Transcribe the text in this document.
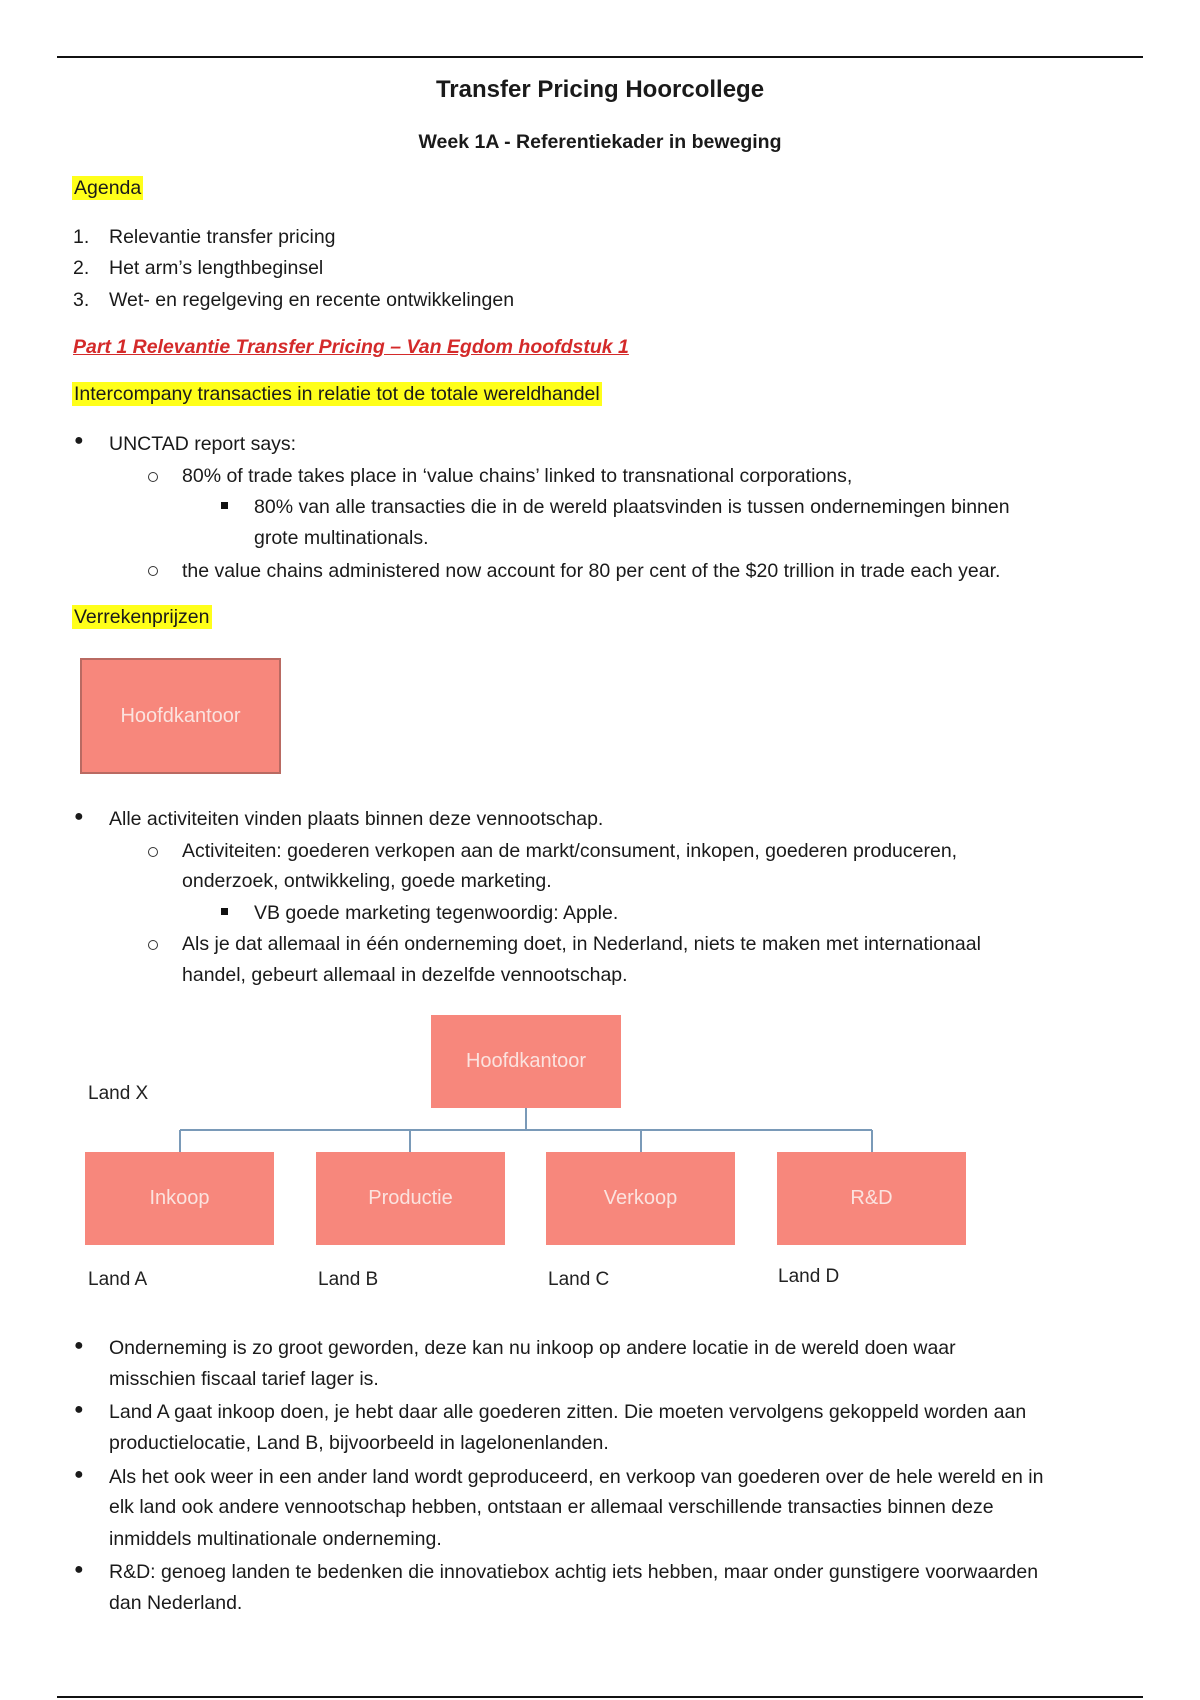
Transfer Pricing Hoorcollege
Week 1A - Referentiekader in beweging
Agenda
1. Relevantie transfer pricing
2. Het arm’s lengthbeginsel
3. Wet- en regelgeving en recente ontwikkelingen
Part 1 Relevantie Transfer Pricing – Van Egdom hoofdstuk 1
Intercompany transacties in relatie tot de totale wereldhandel
● UNCTAD report says:
80% of trade takes place in ‘value chains’ linked to transnational corporations,
80% van alle transacties die in de wereld plaatsvinden is tussen ondernemingen binnen
grote multinationals.
the value chains administered now account for 80 per cent of the $20 trillion in trade each year.
Verrekenprijzen
Hoofdkantoor
● Alle activiteiten vinden plaats binnen deze vennootschap.
Activiteiten: goederen verkopen aan de markt/consument, inkopen, goederen produceren,
onderzoek, ontwikkeling, goede marketing.
VB goede marketing tegenwoordig: Apple.
Als je dat allemaal in één onderneming doet, in Nederland, niets te maken met internationaal
handel, gebeurt allemaal in dezelfde vennootschap.
Hoofdkantoor
Land X
Inkoop	Productie	Verkoop	R&D
Land A	Land B	Land C	Land D
● Onderneming is zo groot geworden, deze kan nu inkoop op andere locatie in de wereld doen waar
misschien fiscaal tarief lager is.
● Land A gaat inkoop doen, je hebt daar alle goederen zitten. Die moeten vervolgens gekoppeld worden aan
productielocatie, Land B, bijvoorbeeld in lagelonenlanden.
● Als het ook weer in een ander land wordt geproduceerd, en verkoop van goederen over de hele wereld en in
elk land ook andere vennootschap hebben, ontstaan er allemaal verschillende transacties binnen deze
inmiddels multinationale onderneming.
● R&D: genoeg landen te bedenken die innovatiebox achtig iets hebben, maar onder gunstigere voorwaarden
dan Nederland.
